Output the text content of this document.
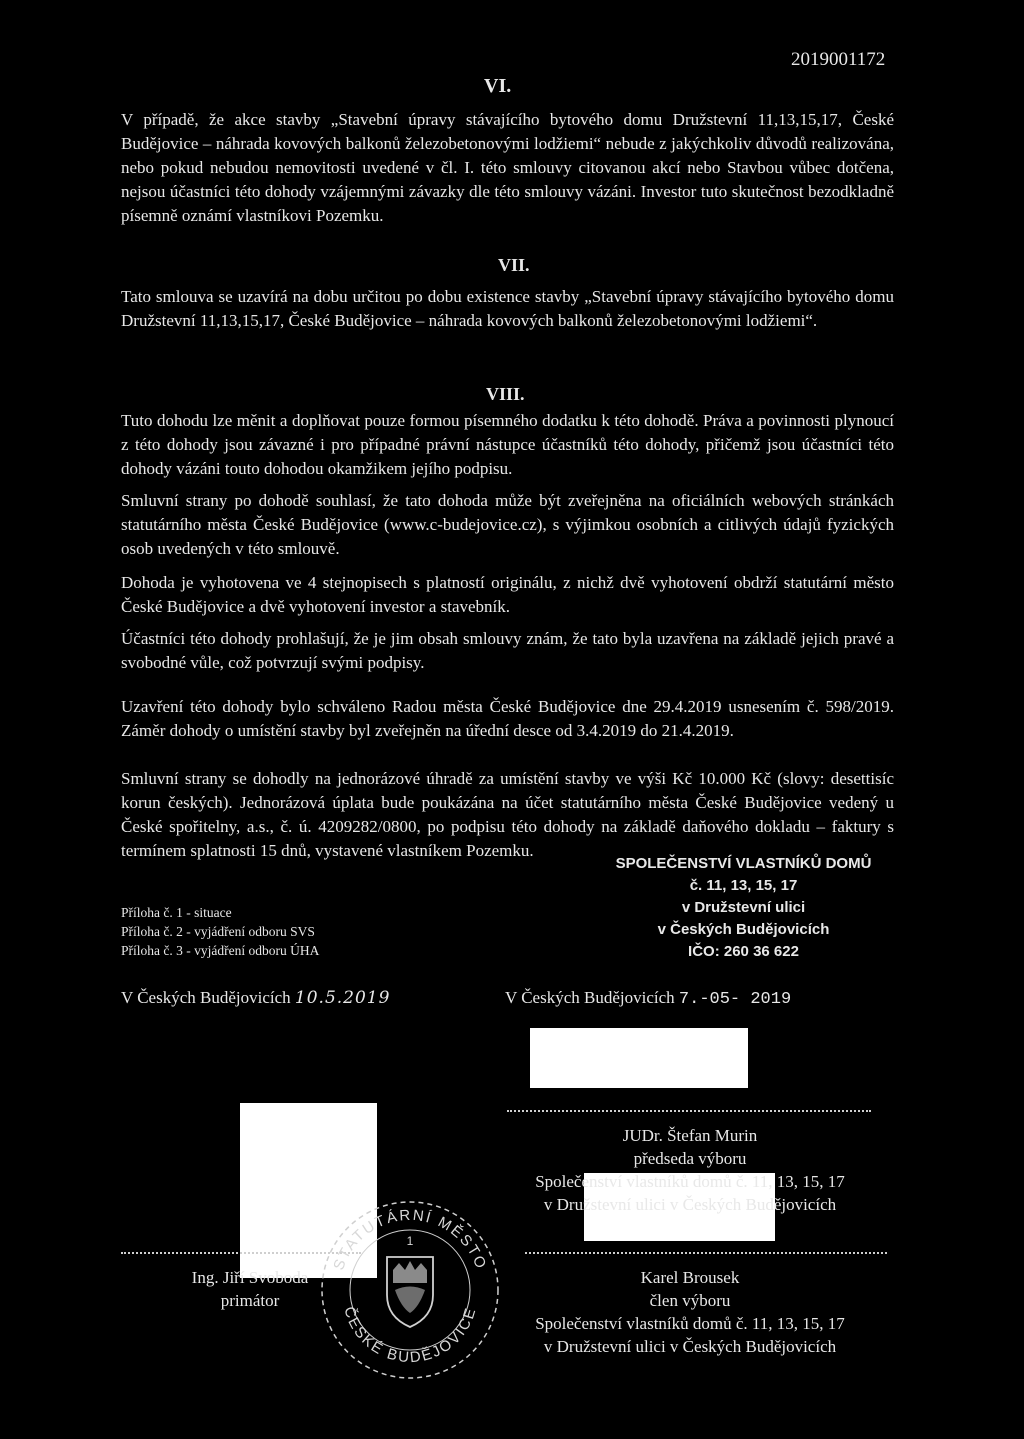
2019001172
VI.

V případě, že akce stavby „Stavební úpravy stávajícího bytového domu Družstevní 11,13,15,17, České Budějovice – náhrada kovových balkonů železobetonovými lodžiemi“ nebude z jakýchkoliv důvodů realizována, nebo pokud nebudou nemovitosti uvedené v čl. I. této smlouvy citovanou akcí nebo Stavbou vůbec dotčena, nejsou účastníci této dohody vzájemnými závazky dle této smlouvy vázáni. Investor tuto skutečnost bezodkladně písemně oznámí vlastníkovi Pozemku.

VII.

Tato smlouva se uzavírá na dobu určitou po dobu existence stavby „Stavební úpravy stávajícího bytového domu Družstevní 11,13,15,17, České Budějovice – náhrada kovových balkonů železobetonovými lodžiemi“.

VIII.

Tuto dohodu lze měnit a doplňovat pouze formou písemného dodatku k této dohodě. Práva a povinnosti plynoucí z této dohody jsou závazné i pro případné právní nástupce účastníků této dohody, přičemž jsou účastníci této dohody vázáni touto dohodou okamžikem jejího podpisu.

Smluvní strany po dohodě souhlasí, že tato dohoda může být zveřejněna na oficiálních webových stránkách statutárního města České Budějovice (www.c-budejovice.cz), s výjimkou osobních a citlivých údajů fyzických osob uvedených v této smlouvě.

Dohoda je vyhotovena ve 4 stejnopisech s platností originálu, z nichž dvě vyhotovení obdrží statutární město České Budějovice a dvě vyhotovení investor a stavebník.

Účastníci této dohody prohlašují, že je jim obsah smlouvy znám, že tato byla uzavřena na základě jejich pravé a svobodné vůle, což potvrzují svými podpisy.

Uzavření této dohody bylo schváleno Radou města České Budějovice dne 29.4.2019 usnesením č. 598/2019. Záměr dohody o umístění stavby byl zveřejněn na úřední desce od 3.4.2019 do 21.4.2019.

Smluvní strany se dohodly na jednorázové úhradě za umístění stavby ve výši Kč 10.000 Kč (slovy: desettisíc korun českých). Jednorázová úplata bude poukázána na účet statutárního města České Budějovice vedený u České spořitelny, a.s., č. ú. 4209282/0800, po podpisu této dohody na základě daňového dokladu – faktury s termínem splatnosti 15 dnů, vystavené vlastníkem Pozemku.

SPOLEČENSTVÍ VLASTNÍKŮ DOMŮ
č. 11, 13, 15, 17
v Družstevní ulici
v Českých Budějovicích
IČO: 260 36 622
Příloha č. 1 - situace
Příloha č. 2 - vyjádření odboru SVS
Příloha č. 3 - vyjádření odboru ÚHA
V Českých Budějovicích 10.5.2019	V Českých Budějovicích 7.-05- 2019
JUDr. Štefan Murin
předseda výboru
Společenství vlastníků domů č. 11, 13, 15, 17
v Družstevní ulici v Českých Budějovicích
Ing. Jiří Svoboda
primátor
Karel Brousek
člen výboru
Společenství vlastníků domů č. 11, 13, 15, 17
v Družstevní ulici v Českých Budějovicích
STATUTÁRNÍ MĚSTO
ČESKÉ BUDĚJOVICE
1
